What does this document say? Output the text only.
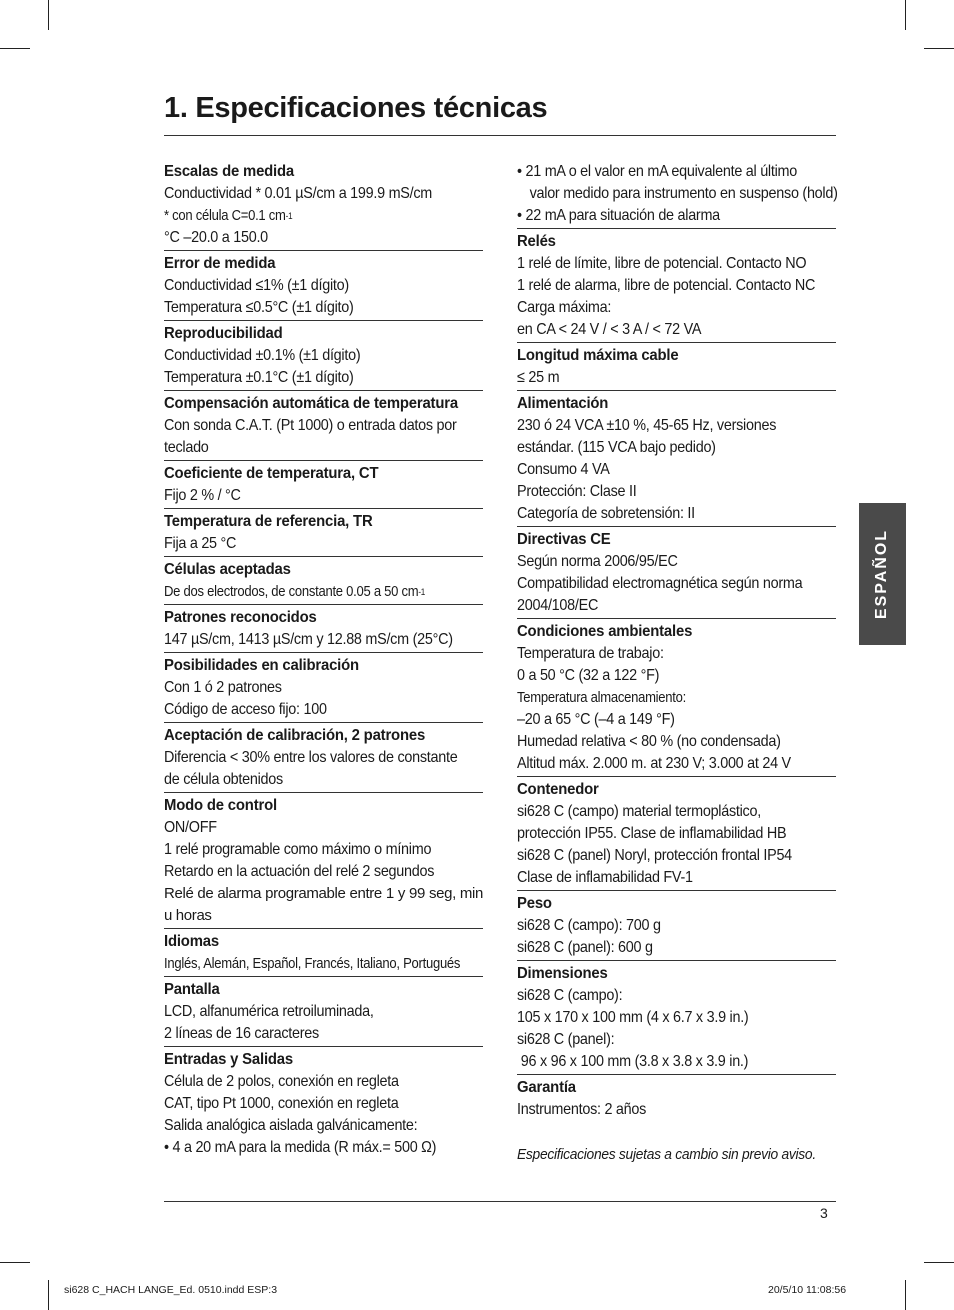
1. Especificaciones técnicas
Escalas de medida
Conductividad * 0.01 µS/cm a 199.9 mS/cm
* con célula C=0.1 $cm^{-1}$
°C –20.0 a 150.0
Error de medida
Conductividad ≤1% (±1 dígito)
Temperatura ≤0.5°C (±1 dígito)
Reproducibilidad
Conductividad ±0.1% (±1 dígito)
Temperatura ±0.1°C (±1 dígito)
Compensación automática de temperatura
Con sonda C.A.T. (Pt 1000) o entrada datos por
teclado
Coeficiente de temperatura, CT
Fijo 2 % / °C
Temperatura de referencia, TR
Fija a 25 °C
Células aceptadas
De dos electrodos, de constante 0.05 a 50 $cm^{-1}$
Patrones reconocidos
147 µS/cm, 1413 µS/cm y 12.88 mS/cm (25°C)
Posibilidades en calibración
Con 1 ó 2 patrones
Código de acceso fijo: 100
Aceptación de calibración, 2 patrones
Diferencia < 30% entre los valores de constante
de célula obtenidos
Modo de control
ON/OFF
1 relé programable como máximo o mínimo
Retardo en la actuación del relé 2 segundos
Relé de alarma programable entre 1 y 99 seg, min u horas
Idiomas
Inglés, Alemán, Español, Francés, Italiano, Portugués
Pantalla
LCD, alfanumérica retroiluminada,
2 líneas de 16 caracteres
Entradas y Salidas
Célula de 2 polos, conexión en regleta
CAT, tipo Pt 1000, conexión en regleta
Salida analógica aislada galvánicamente:
• 4 a 20 mA para la medida (R máx.= 500 Ω)
• 21 mA o el valor en mA equivalente al último
valor medido para instrumento en suspenso (hold)
• 22 mA para situación de alarma
Relés
1 relé de límite, libre de potencial. Contacto NO
1 relé de alarma, libre de potencial. Contacto NC
Carga máxima:
en CA < 24 V / < 3 A / < 72 VA
Longitud máxima cable
≤ 25 m
Alimentación
230 ó 24 VCA ±10 %, 45-65 Hz, versiones
estándar. (115 VCA bajo pedido)
Consumo 4 VA
Protección: Clase II
Categoría de sobretensión: II
Directivas CE
Según norma 2006/95/EC
Compatibilidad electromagnética según norma
2004/108/EC
Condiciones ambientales
Temperatura de trabajo:
0 a 50 °C (32 a 122 °F)
Temperatura almacenamiento:
–20 a 65 °C (–4 a 149 °F)
Humedad relativa < 80 % (no condensada)
Altitud máx. 2.000 m. at 230 V; 3.000 at 24 V
Contenedor
si628 C (campo) material termoplástico,
protección IP55. Clase de inflamabilidad HB
si628 C (panel) Noryl, protección frontal IP54
Clase de inflamabilidad FV-1
Peso
si628 C (campo): 700 g
si628 C (panel): 600 g
Dimensiones
si628 C (campo):
105 x 170 x 100 mm (4 x 6.7 x 3.9 in.)
si628 C (panel):
96 x 96 x 100 mm (3.8 x 3.8 x 3.9 in.)
Garantía
Instrumentos: 2 años
Especificaciones sujetas a cambio sin previo aviso.
ESPAÑOL
3
si628 C_HACH LANGE_Ed. 0510.indd ESP:3	20/5/10 11:08:56
